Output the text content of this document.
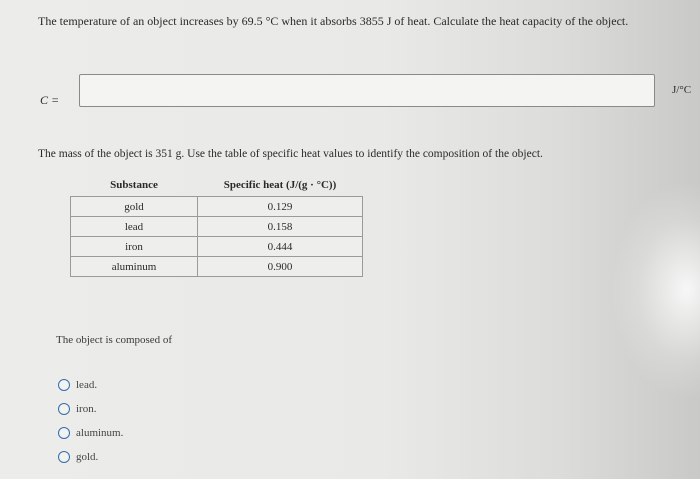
The temperature of an object increases by 69.5 °C when it absorbs 3855 J of heat. Calculate the heat capacity of the object.
C =
J/°C
The mass of the object is 351 g. Use the table of specific heat values to identify the composition of the object.
Substance	Specific heat (J/(g · °C))
gold	0.129
lead	0.158
iron	0.444
aluminum	0.900
The object is composed of
lead.
iron.
aluminum.
gold.
